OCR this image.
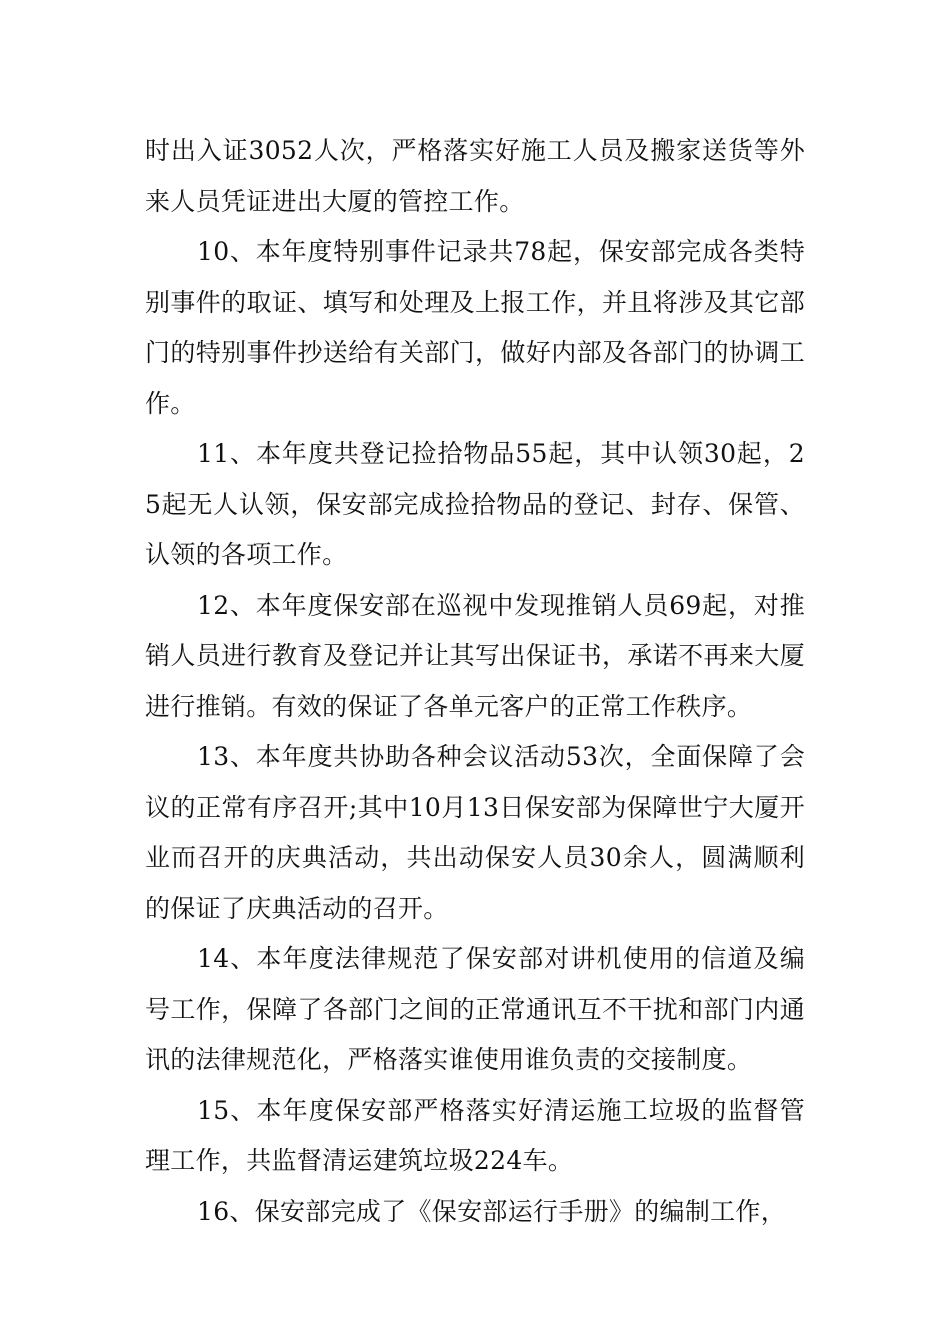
时出入证3052人次，严格落实好施工人员及搬家送货等外来人员凭证进出大厦的管控工作。

10、本年度特别事件记录共78起，保安部完成各类特别事件的取证、填写和处理及上报工作，并且将涉及其它部门的特别事件抄送给有关部门，做好内部及各部门的协调工作。

11、本年度共登记捡拾物品55起，其中认领30起，25起无人认领，保安部完成捡拾物品的登记、封存、保管、认领的各项工作。

12、本年度保安部在巡视中发现推销人员69起，对推销人员进行教育及登记并让其写出保证书，承诺不再来大厦进行推销。有效的保证了各单元客户的正常工作秩序。

13、本年度共协助各种会议活动53次，全面保障了会议的正常有序召开;其中10月13日保安部为保障世宁大厦开业而召开的庆典活动，共出动保安人员30余人，圆满顺利的保证了庆典活动的召开。

14、本年度法律规范了保安部对讲机使用的信道及编号工作，保障了各部门之间的正常通讯互不干扰和部门内通讯的法律规范化，严格落实谁使用谁负责的交接制度。

15、本年度保安部严格落实好清运施工垃圾的监督管理工作，共监督清运建筑垃圾224车。

16、保安部完成了《保安部运行手册》的编制工作，
